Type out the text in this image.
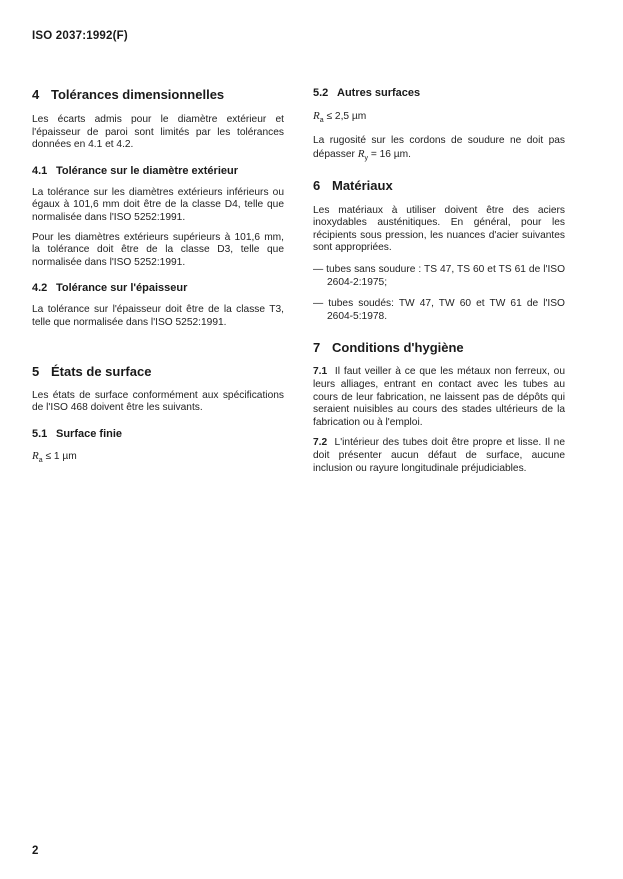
ISO 2037:1992(F)
4 Tolérances dimensionnelles

Les écarts admis pour le diamètre extérieur et l'épaisseur de paroi sont limités par les tolérances données en 4.1 et 4.2.

4.1 Tolérance sur le diamètre extérieur

La tolérance sur les diamètres extérieurs inférieurs ou égaux à 101,6 mm doit être de la classe D4, telle que normalisée dans l'ISO 5252:1991.

Pour les diamètres extérieurs supérieurs à 101,6 mm, la tolérance doit être de la classe D3, telle que normalisée dans l'ISO 5252:1991.

4.2 Tolérance sur l'épaisseur

La tolérance sur l'épaisseur doit être de la classe T3, telle que normalisée dans l'ISO 5252:1991.

5 États de surface

Les états de surface conformément aux spécifications de l'ISO 468 doivent être les suivants.

5.1 Surface finie
$R_a \le 1$ µm
5.2 Autres surfaces
$R_a \le 2,5$ µm

La rugosité sur les cordons de soudure ne doit pas dépasser $R_y = 16$ µm.

6 Matériaux

Les matériaux à utiliser doivent être des aciers inoxydables austénitiques. En général, pour les récipients sous pression, les nuances d'acier suivantes sont appropriées.

— tubes sans soudure : TS 47, TS 60 et TS 61 de l'ISO 2604-2:1975;
— tubes soudés: TW 47, TW 60 et TW 61 de l'ISO 2604-5:1978.
7 Conditions d'hygiène

7.1 Il faut veiller à ce que les métaux non ferreux, ou leurs alliages, entrant en contact avec les tubes au cours de leur fabrication, ne laissent pas de dépôts qui seraient nuisibles au cours des stades ultérieurs de la fabrication ou à l'emploi.

7.2 L'intérieur des tubes doit être propre et lisse. Il ne doit présenter aucun défaut de surface, aucune inclusion ou rayure longitudinale préjudiciables.

2
